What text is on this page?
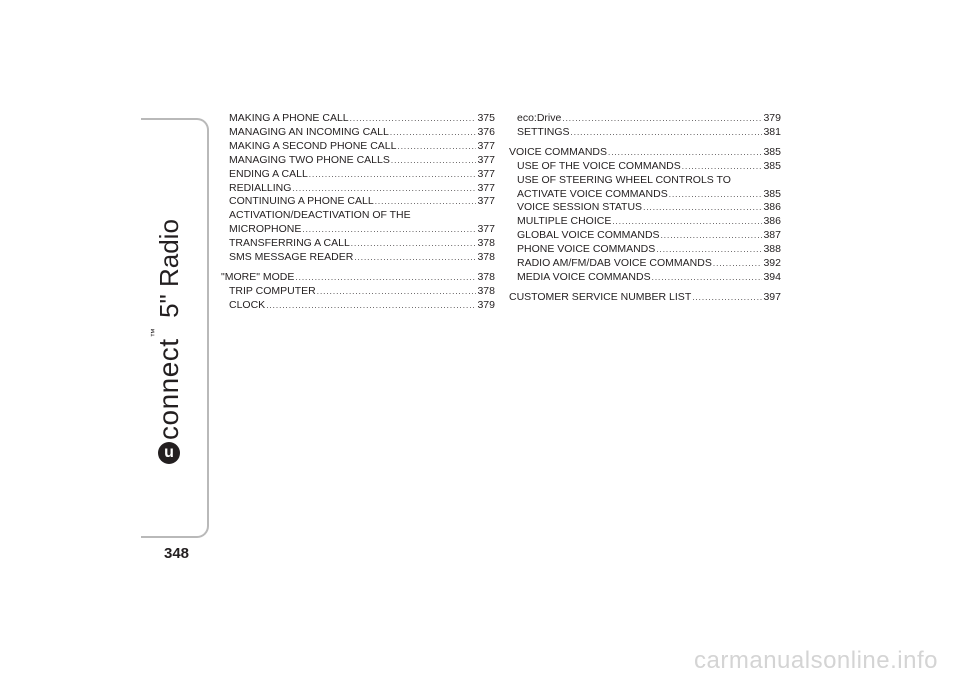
u
connect™
5" Radio
348
MAKING A PHONE CALL .....	375
MANAGING AN INCOMING CALL .....	376
MAKING A SECOND PHONE CALL .....	377
MANAGING TWO PHONE CALLS .....	377
ENDING A CALL .....	377
REDIALLING .....	377
CONTINUING A PHONE CALL .....	377
ACTIVATION/DEACTIVATION OF THE
MICROPHONE .....	377
TRANSFERRING A CALL .....	378
SMS MESSAGE READER .....	378
"MORE" MODE .....	378
TRIP COMPUTER .....	378
CLOCK .....	379
eco:Drive .....	379
SETTINGS .....	381
VOICE COMMANDS .....	385
USE OF THE VOICE COMMANDS .....	385
USE OF STEERING WHEEL CONTROLS TO
ACTIVATE VOICE COMMANDS .....	385
VOICE SESSION STATUS .....	386
MULTIPLE CHOICE .....	386
GLOBAL VOICE COMMANDS .....	387
PHONE VOICE COMMANDS .....	388
RADIO AM/FM/DAB VOICE COMMANDS .....	392
MEDIA VOICE COMMANDS .....	394
CUSTOMER SERVICE NUMBER LIST .....	397
carmanualsonline.info
